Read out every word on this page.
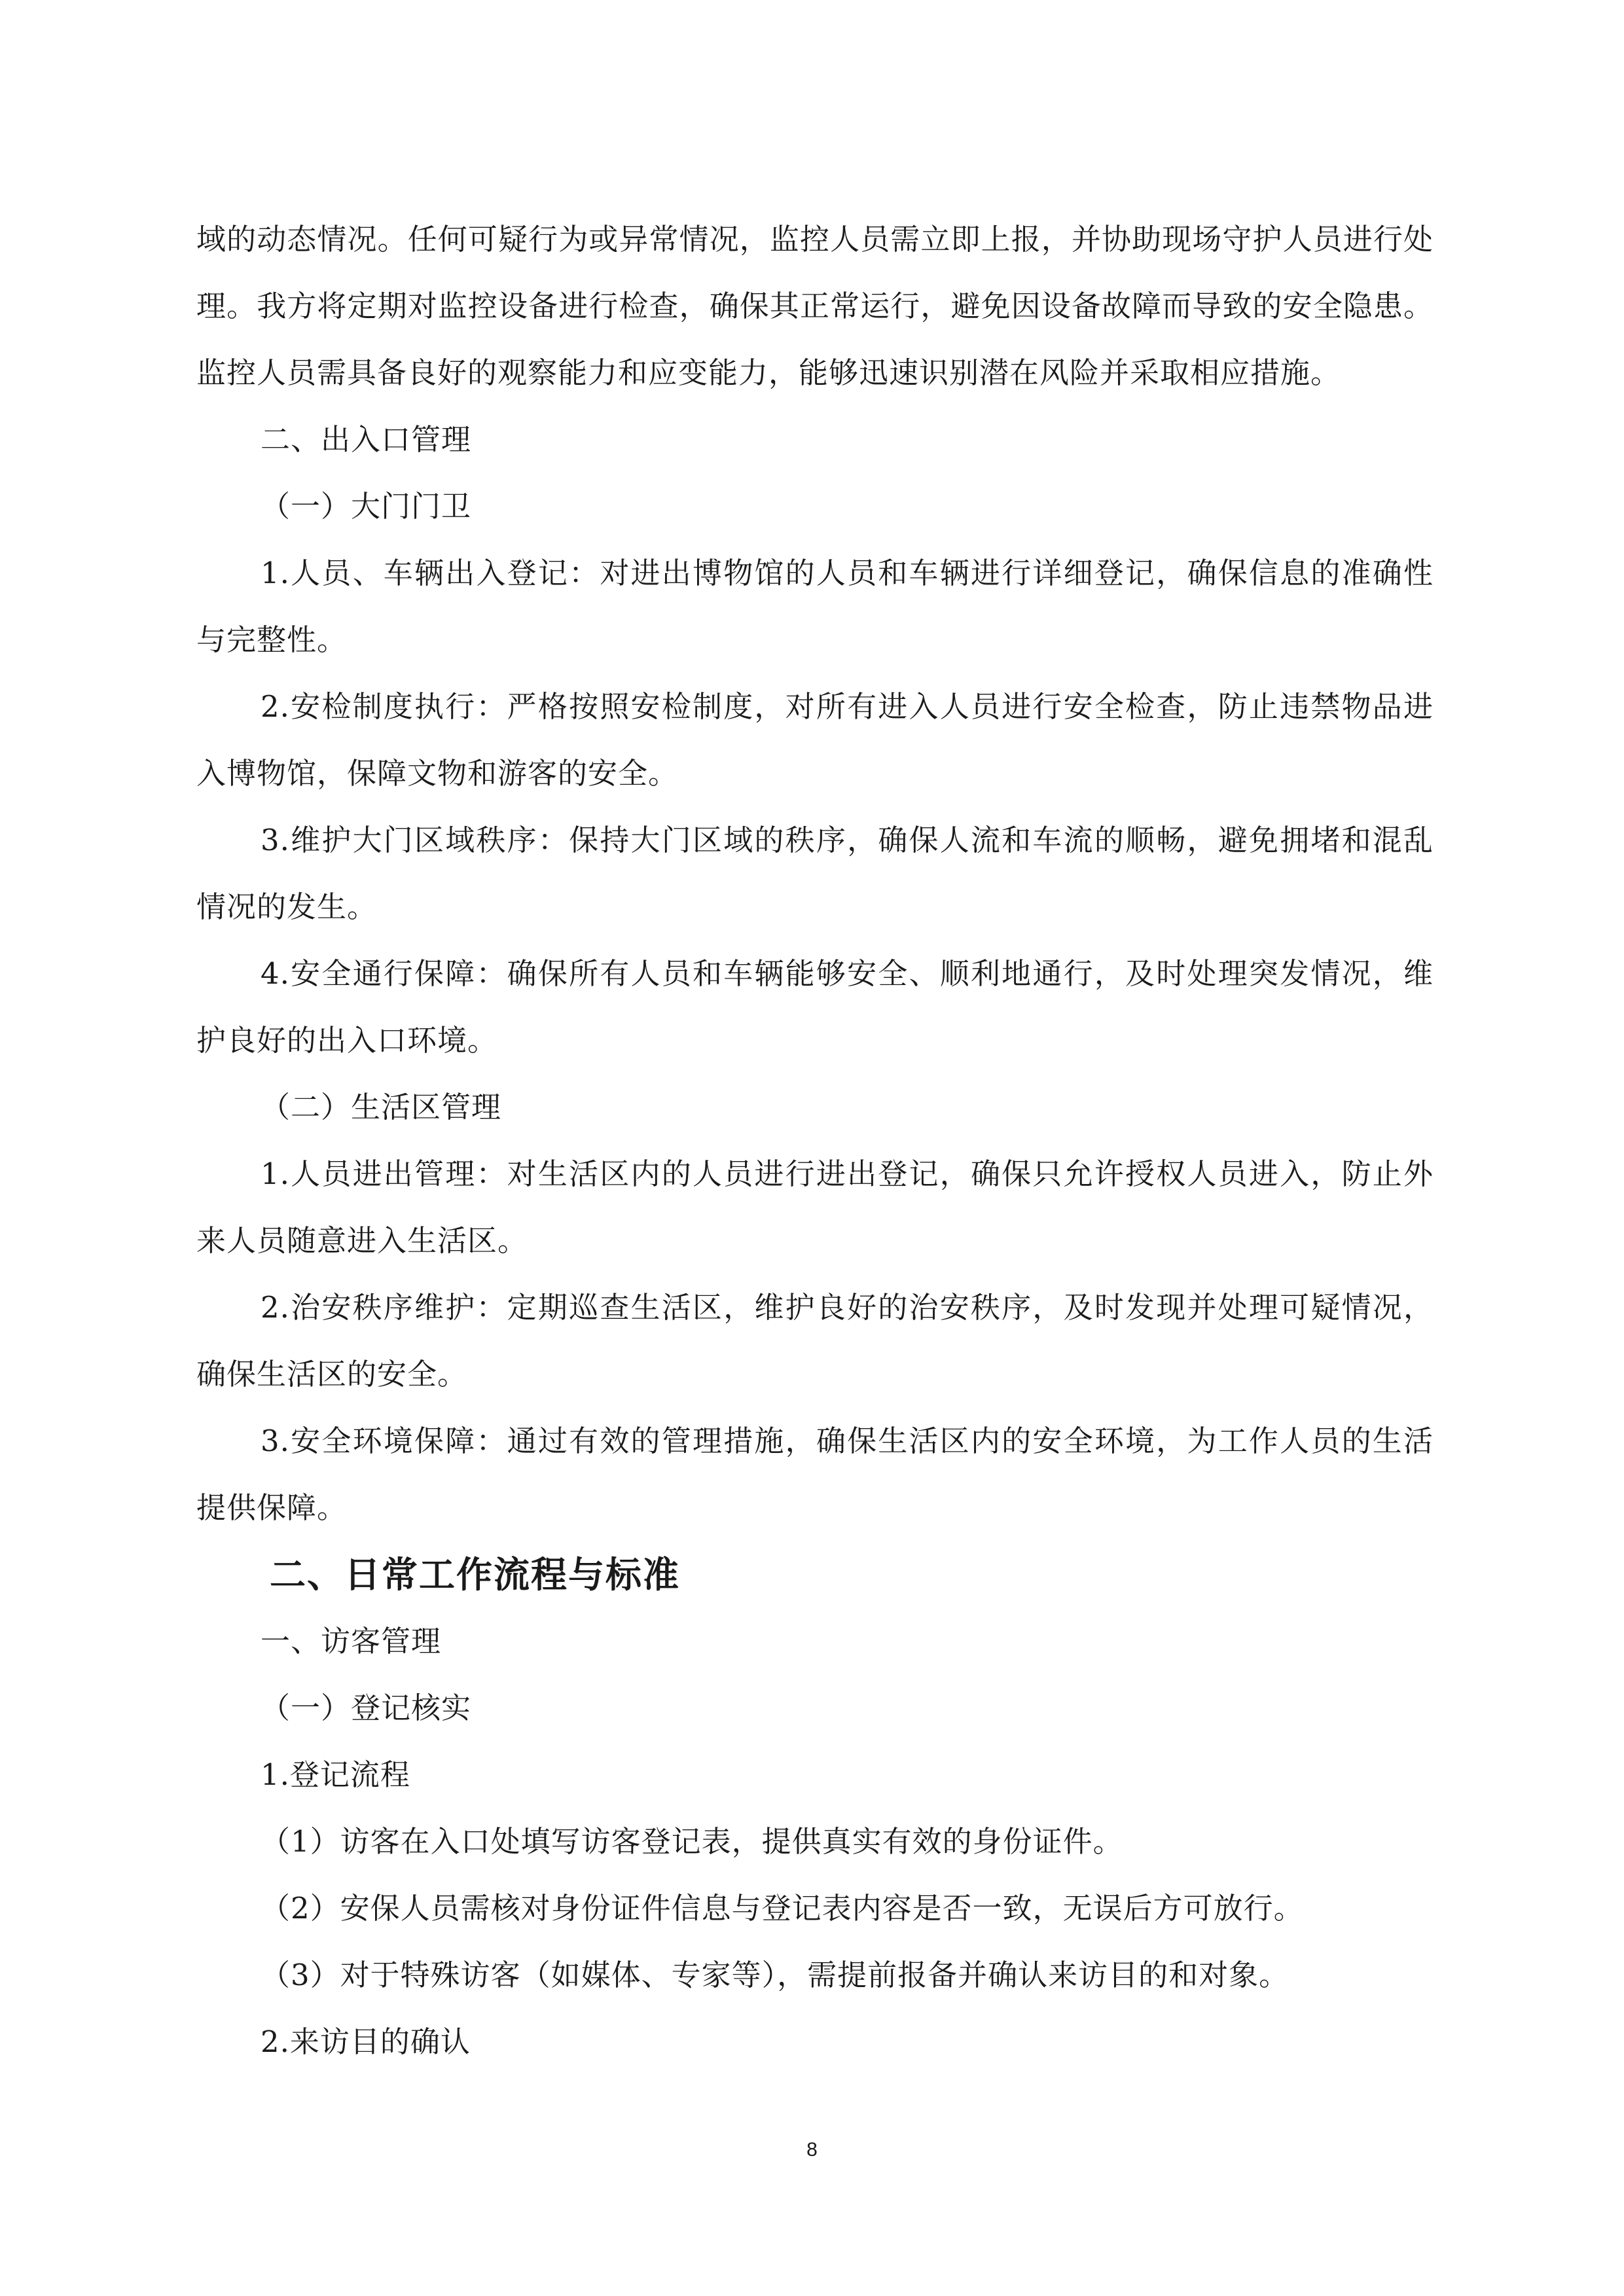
域的动态情况。任何可疑行为或异常情况，监控人员需立即上报，并协助现场守护人员进行处理。我方将定期对监控设备进行检查，确保其正常运行，避免因设备故障而导致的安全隐患。监控人员需具备良好的观察能力和应变能力，能够迅速识别潜在风险并采取相应措施。

二、出入口管理

（一）大门门卫

1.人员、车辆出入登记：对进出博物馆的人员和车辆进行详细登记，确保信息的准确性与完整性。

2.安检制度执行：严格按照安检制度，对所有进入人员进行安全检查，防止违禁物品进入博物馆，保障文物和游客的安全。

3.维护大门区域秩序：保持大门区域的秩序，确保人流和车流的顺畅，避免拥堵和混乱情况的发生。

4.安全通行保障：确保所有人员和车辆能够安全、顺利地通行，及时处理突发情况，维护良好的出入口环境。

（二）生活区管理

1.人员进出管理：对生活区内的人员进行进出登记，确保只允许授权人员进入，防止外来人员随意进入生活区。

2.治安秩序维护：定期巡查生活区，维护良好的治安秩序，及时发现并处理可疑情况，确保生活区的安全。

3.安全环境保障：通过有效的管理措施，确保生活区内的安全环境，为工作人员的生活提供保障。

二、日常工作流程与标准

一、访客管理

（一）登记核实

1.登记流程

（1）访客在入口处填写访客登记表，提供真实有效的身份证件。

（2）安保人员需核对身份证件信息与登记表内容是否一致，无误后方可放行。

（3）对于特殊访客（如媒体、专家等），需提前报备并确认来访目的和对象。

2.来访目的确认

8
